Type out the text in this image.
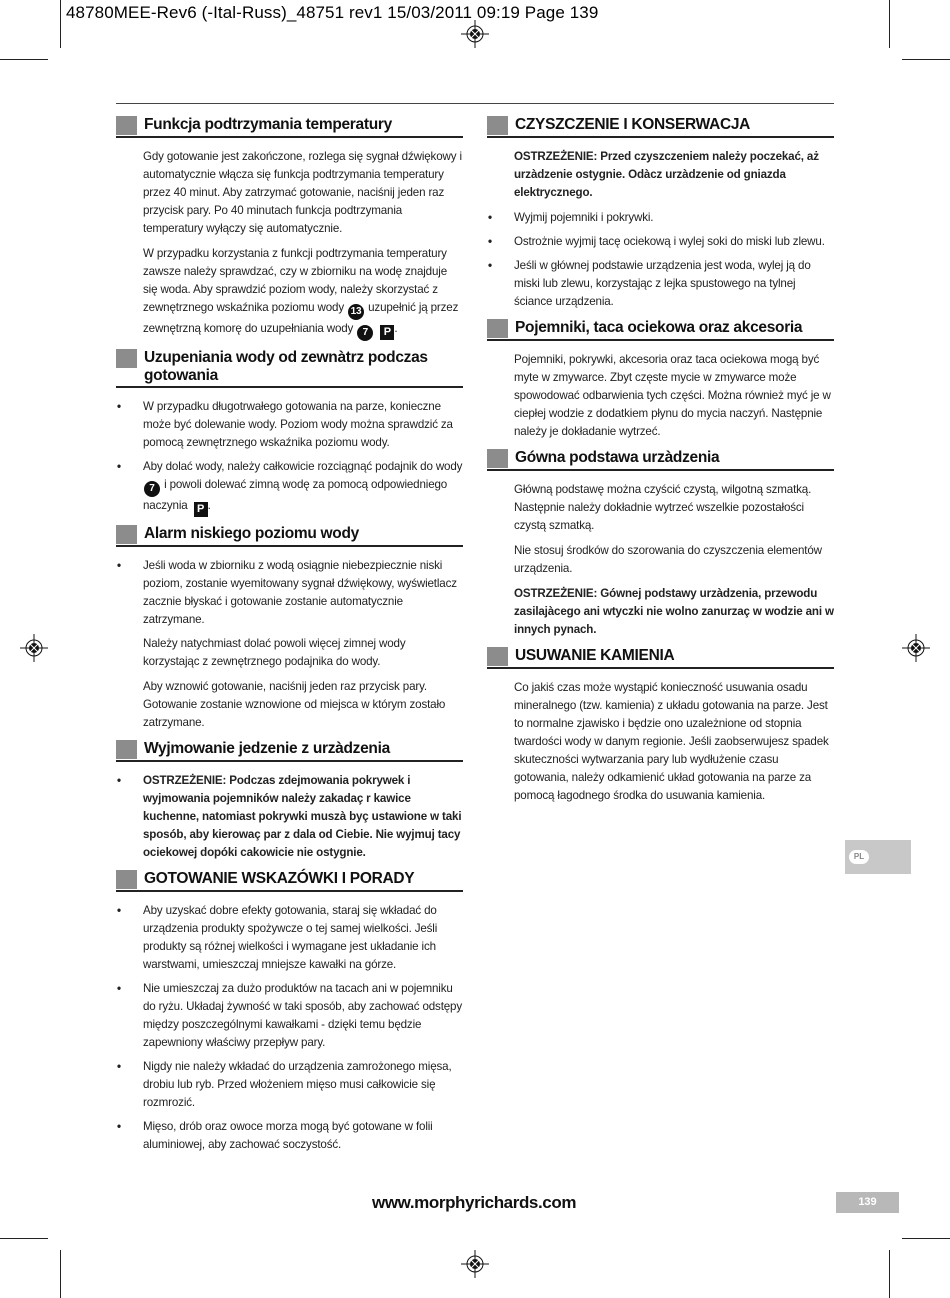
48780MEE-Rev6 (-Ital-Russ)_48751 rev1 15/03/2011 09:19 Page 139
Funkcja podtrzymania temperatury

Gdy gotowanie jest zakończone, rozlega się sygnał dźwiękowy i automatycznie włącza się funkcja podtrzymania temperatury przez 40 minut. Aby zatrzymać gotowanie, naciśnij jeden raz przycisk pary. Po 40 minutach funkcja podtrzymania temperatury wyłączy się automatycznie.

W przypadku korzystania z funkcji podtrzymania temperatury zawsze należy sprawdzać, czy w zbiorniku na wodę znajduje się woda. Aby sprawdzić poziom wody, należy skorzystać z zewnętrznego wskaźnika poziomu wody 13 uzupełnić ją przez zewnętrzną komorę do uzupełniania wody 7 P .

Uzupeniania wody od zewnàtrz podczas gotowania
• W przypadku długotrwałego gotowania na parze, konieczne może być dolewanie wody. Poziom wody można sprawdzić za pomocą zewnętrznego wskaźnika poziomu wody.
• Aby dolać wody, należy całkowicie rozciągnąć podajnik do wody 7 i powoli dolewać zimną wodę za pomocą odpowiedniego naczynia P .
Alarm niskiego poziomu wody
• Jeśli woda w zbiorniku z wodą osiągnie niebezpiecznie niski poziom, zostanie wyemitowany sygnał dźwiękowy, wyświetlacz zacznie błyskać i gotowanie zostanie automatycznie zatrzymane.

Należy natychmiast dolać powoli więcej zimnej wody korzystając z zewnętrznego podajnika do wody.

Aby wznowić gotowanie, naciśnij jeden raz przycisk pary. Gotowanie zostanie wznowione od miejsca w którym zostało zatrzymane.

Wyjmowanie jedzenie z urzàdzenia
• OSTRZEŻENIE: Podczas zdejmowania pokrywek i wyjmowania pojemników należy zakadaç r kawice kuchenne, natomiast pokrywki muszà byç ustawione w taki sposób, aby kierowaç par z dala od Ciebie. Nie wyjmuj tacy ociekowej dopóki cakowicie nie ostygnie.
GOTOWANIE WSKAZÓWKI I PORADY
• Aby uzyskać dobre efekty gotowania, staraj się wkładać do urządzenia produkty spożywcze o tej samej wielkości. Jeśli produkty są różnej wielkości i wymagane jest układanie ich warstwami, umieszczaj mniejsze kawałki na górze.
• Nie umieszczaj za dużo produktów na tacach ani w pojemniku do ryżu. Układaj żywność w taki sposób, aby zachować odstępy między poszczególnymi kawałkami - dzięki temu będzie zapewniony właściwy przepływ pary.
• Nigdy nie należy wkładać do urządzenia zamrożonego mięsa, drobiu lub ryb. Przed włożeniem mięso musi całkowicie się rozmrozić.
• Mięso, drób oraz owoce morza mogą być gotowane w folii aluminiowej, aby zachować soczystość.
CZYSZCZENIE I KONSERWACJA

OSTRZEŻENIE: Przed czyszczeniem należy poczekać, aż urzàdzenie ostygnie. Odàcz urzàdzenie od gniazda elektrycznego.

• Wyjmij pojemniki i pokrywki.
• Ostrożnie wyjmij tacę ociekową i wylej soki do miski lub zlewu.
• Jeśli w głównej podstawie urządzenia jest woda, wylej ją do miski lub zlewu, korzystając z lejka spustowego na tylnej ściance urządzenia.
Pojemniki, taca ociekowa oraz akcesoria

Pojemniki, pokrywki, akcesoria oraz taca ociekowa mogą być myte w zmywarce. Zbyt częste mycie w zmywarce może spowodować odbarwienia tych części. Można również myć je w ciepłej wodzie z dodatkiem płynu do mycia naczyń. Następnie należy je dokładanie wytrzeć.

Gówna podstawa urzàdzenia

Główną podstawę można czyścić czystą, wilgotną szmatką. Następnie należy dokładnie wytrzeć wszelkie pozostałości czystą szmatką.

Nie stosuj środków do szorowania do czyszczenia elementów urządzenia.

OSTRZEŻENIE: Gównej podstawy urzàdzenia, przewodu zasilajàcego ani wtyczki nie wolno zanurzaç w wodzie ani w innych pynach.

USUWANIE KAMIENIA

Co jakiś czas może wystąpić konieczność usuwania osadu mineralnego (tzw. kamienia) z układu gotowania na parze. Jest to normalne zjawisko i będzie ono uzależnione od stopnia twardości wody w danym regionie. Jeśli zaobserwujesz spadek skuteczności wytwarzania pary lub wydłużenie czasu gotowania, należy odkamienić układ gotowania na parze za pomocą łagodnego środka do usuwania kamienia.

PL
www.morphyrichards.com	139
